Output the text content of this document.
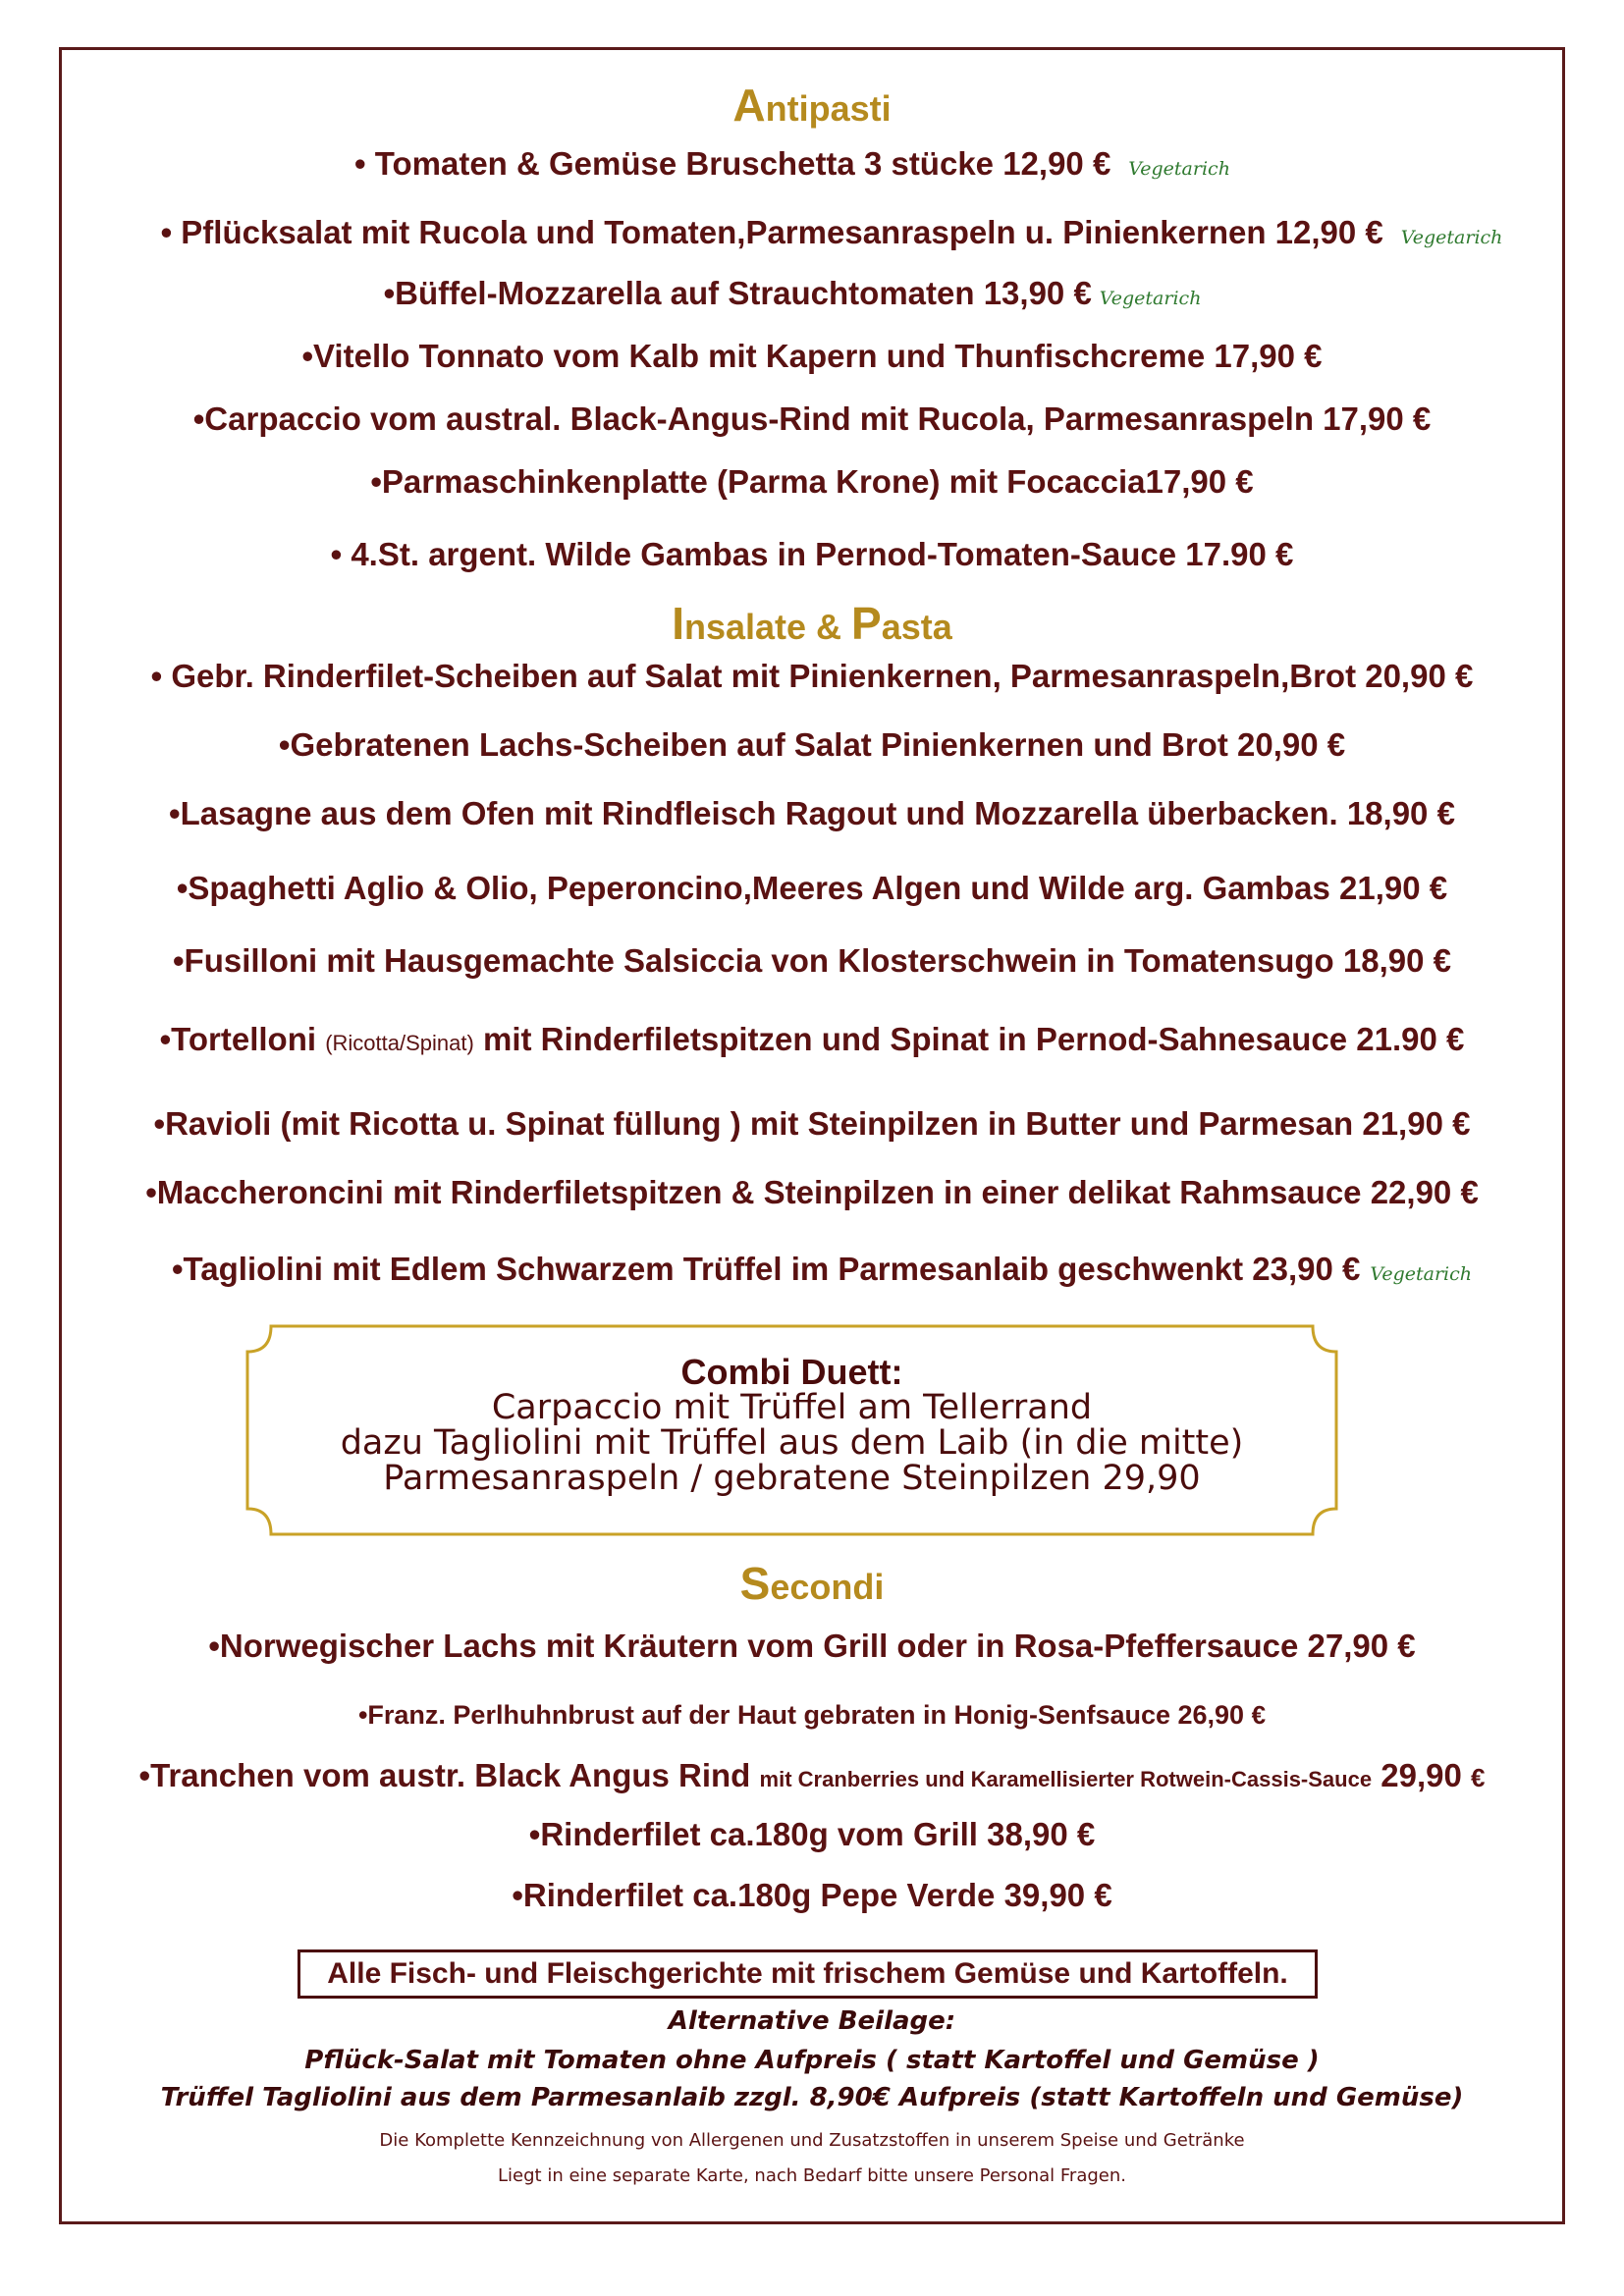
Antipasti
• Tomaten & Gemüse Bruschetta 3 stücke 12,90 € Vegetarich
• Pflücksalat mit Rucola und Tomaten,Parmesanraspeln u. Pinienkernen 12,90 € Vegetarich
•Büffel-Mozzarella auf Strauchtomaten 13,90 € Vegetarich
•Vitello Tonnato vom Kalb mit Kapern und Thunfischcreme 17,90 €
•Carpaccio vom austral. Black-Angus-Rind mit Rucola, Parmesanraspeln 17,90 €
•Parmaschinkenplatte (Parma Krone) mit Focaccia17,90 €
• 4.St. argent. Wilde Gambas in Pernod-Tomaten-Sauce 17.90 €
Insalate & Pasta
• Gebr. Rinderfilet-Scheiben auf Salat mit Pinienkernen, Parmesanraspeln,Brot 20,90 €
•Gebratenen Lachs-Scheiben auf Salat Pinienkernen und Brot 20,90 €
•Lasagne aus dem Ofen mit Rindfleisch Ragout und Mozzarella überbacken. 18,90 €
•Spaghetti Aglio & Olio, Peperoncino,Meeres Algen und Wilde arg. Gambas 21,90 €
•Fusilloni mit Hausgemachte Salsiccia von Klosterschwein in Tomatensugo 18,90 €
•Tortelloni (Ricotta/Spinat) mit Rinderfiletspitzen und Spinat in Pernod-Sahnesauce 21.90 €
•Ravioli (mit Ricotta u. Spinat füllung ) mit Steinpilzen in Butter und Parmesan 21,90 €
•Maccheroncini mit Rinderfiletspitzen & Steinpilzen in einer delikat Rahmsauce 22,90 €
•Tagliolini mit Edlem Schwarzem Trüffel im Parmesanlaib geschwenkt 23,90 € Vegetarich
Combi Duett:
Carpaccio mit Trüffel am Tellerrand
dazu Tagliolini mit Trüffel aus dem Laib (in die mitte)
Parmesanraspeln / gebratene Steinpilzen 29,90
Secondi
•Norwegischer Lachs mit Kräutern vom Grill oder in Rosa-Pfeffersauce 27,90 €
•Franz. Perlhuhnbrust auf der Haut gebraten in Honig-Senfsauce 26,90 €
•Tranchen vom austr. Black Angus Rind mit Cranberries und Karamellisierter Rotwein-Cassis-Sauce 29,90 €
•Rinderfilet ca.180g vom Grill 38,90 €
•Rinderfilet ca.180g Pepe Verde 39,90 €
Alle Fisch- und Fleischgerichte mit frischem Gemüse und Kartoffeln.
Alternative Beilage:
Pflück-Salat mit Tomaten ohne Aufpreis ( statt Kartoffel und Gemüse )
Trüffel Tagliolini aus dem Parmesanlaib zzgl. 8,90€ Aufpreis (statt Kartoffeln und Gemüse)
Die Komplette Kennzeichnung von Allergenen und Zusatzstoffen in unserem Speise und Getränke
Liegt in eine separate Karte, nach Bedarf bitte unsere Personal Fragen.
